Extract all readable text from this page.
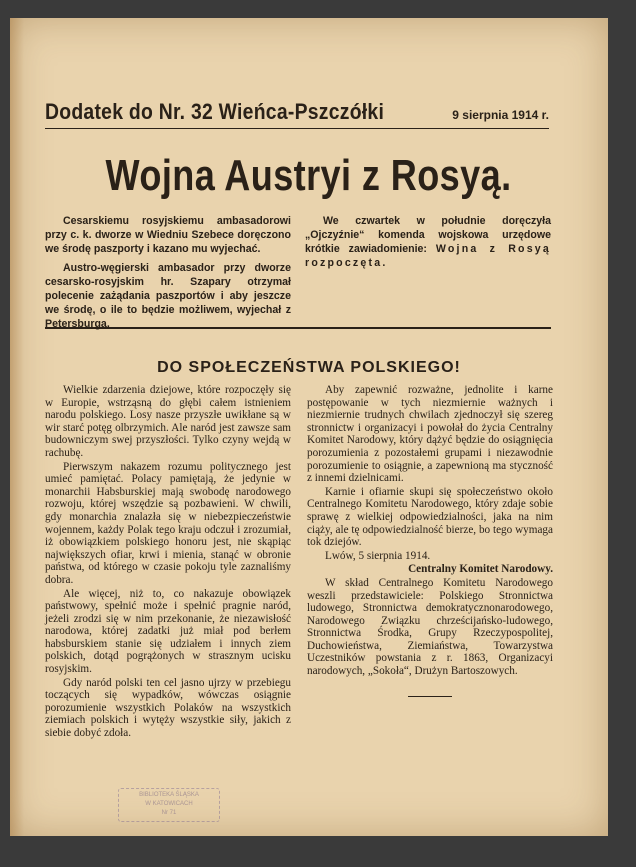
Dodatek do Nr. 32 Wieńca-Pszczółki	9 sierpnia 1914 r.
Wojna Austryi z Rosyą.

Cesarskiemu rosyjskiemu ambasadorowi przy c. k. dworze w Wiedniu Szebece doręczono we środę paszporty i kazano mu wyjechać.

Austro-węgierski ambasador przy dworze cesarsko-rosyjskim hr. Szapary otrzymał polecenie zażądania paszportów i aby jeszcze we środę, o ile to będzie możliwem, wyjechał z Petersburga.

We czwartek w południe doręczyła „Ojczyźnie“ komenda wojskowa urzędowe krótkie zawiadomienie: Wojna z Rosyą rozpoczęta.

DO SPOŁECZEŃSTWA POLSKIEGO!

Wielkie zdarzenia dziejowe, które rozpoczęły się w Europie, wstrząsną do głębi całem istnieniem narodu polskiego. Losy nasze przyszłe uwikłane są w wir starć potęg olbrzymich. Ale naród jest zawsze sam budowniczym swej przyszłości. Tylko czyny wejdą w rachubę.

Pierwszym nakazem rozumu politycznego jest umieć pamiętać. Polacy pamiętają, że jedynie w monarchii Habsburskiej mają swobodę narodowego rozwoju, której wszędzie są pozbawieni. W chwili, gdy monarchia znalazła się w niebezpieczeństwie wojennem, każdy Polak tego kraju odczuł i zrozumiał, iż obowiązkiem polskiego honoru jest, nie skąpiąc największych ofiar, krwi i mienia, stanąć w obronie państwa, od którego w czasie pokoju tyle zaznaliśmy dobra.

Ale więcej, niż to, co nakazuje obowiązek państwowy, spełnić może i spełnić pragnie naród, jeżeli zrodzi się w nim przekonanie, że niezawisłość narodowa, której zadatki już miał pod berłem habsburskiem stanie się udziałem i innych ziem polskich, dotąd pogrążonych w strasznym ucisku rosyjskim.

Gdy naród polski ten cel jasno ujrzy w przebiegu toczących się wypadków, wówczas osiągnie porozumienie wszystkich Polaków na wszystkich ziemiach polskich i wytęży wszystkie siły, jakich z siebie dobyć zdoła.

Aby zapewnić rozważne, jednolite i karne postępowanie w tych niezmiernie ważnych i niezmiernie trudnych chwilach zjednoczył się szereg stronnictw i organizacyi i powołał do życia Centralny Komitet Narodowy, który dążyć będzie do osiągnięcia porozumienia z pozostałemi grupami i niezawodnie porozumienie to osiągnie, a zapewnioną ma styczność z innemi dzielnicami.

Karnie i ofiarnie skupi się społeczeństwo około Centralnego Komitetu Narodowego, który zdaje sobie sprawę z wielkiej odpowiedzialności, jaka na nim ciąży, ale tę odpowiedzialność bierze, bo tego wymaga tok dziejów.

Lwów, 5 sierpnia 1914.

Centralny Komitet Narodowy.

W skład Centralnego Komitetu Narodowego weszli przedstawiciele: Polskiego Stronnictwa ludowego, Stronnictwa demokratycznonarodowego, Narodowego Związku chrześcijańsko-ludowego, Stronnictwa Środka, Grupy Rzeczypospolitej, Duchowieństwa, Ziemiaństwa, Towarzystwa Uczestników powstania z r. 1863, Organizacyi narodowych, „Sokoła“, Drużyn Bartoszowych.

BIBLIOTEKA ŚLĄSKA
W KATOWICACH
Nr 71
